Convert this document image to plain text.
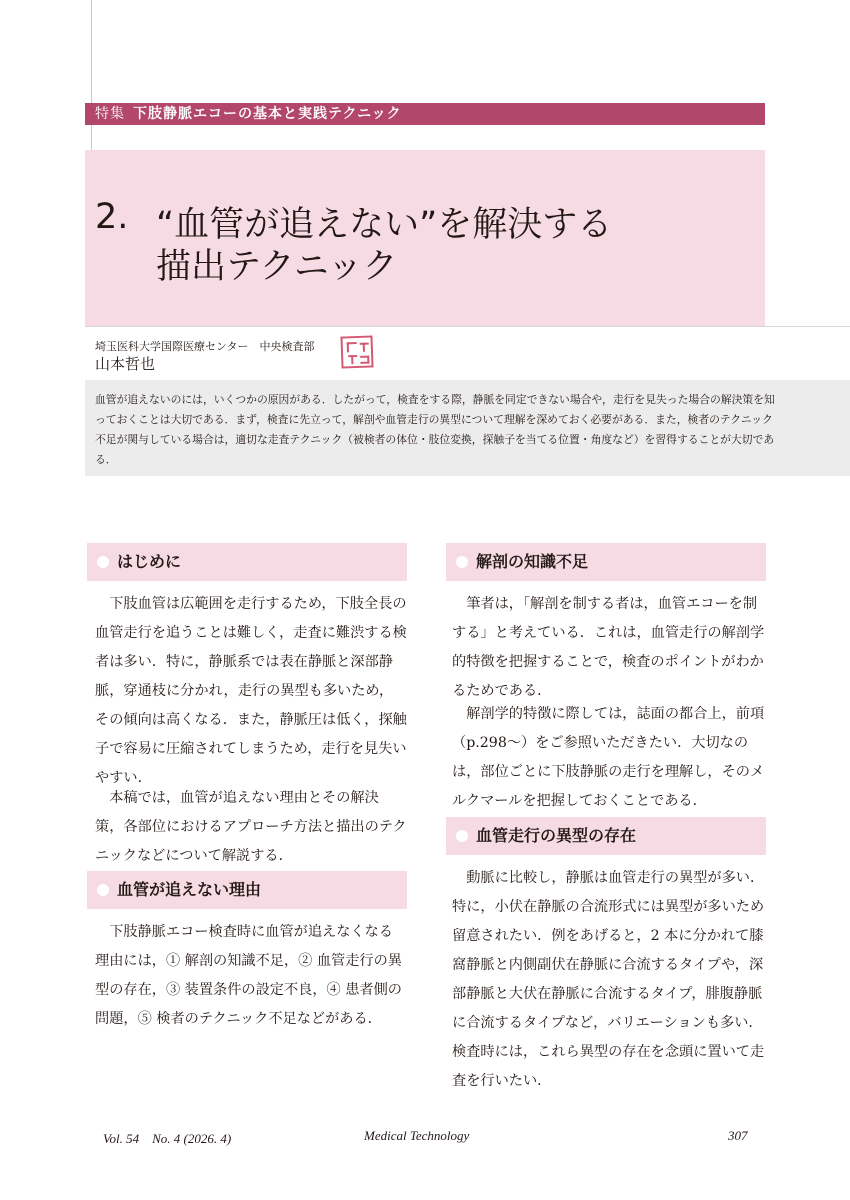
特集 下肢静脈エコーの基本と実践テクニック
2. “血管が追えない”を解決する
描出テクニック
埼玉医科大学国際医療センター　中央検査部
山本哲也

血管が追えないのには，いくつかの原因がある．したがって，検査をする際，静脈を同定できない場合や，走行を見失った場合の解決策を知っておくことは大切である．まず，検査に先立って，解剖や血管走行の異型について理解を深めておく必要がある．また，検者のテクニック不足が関与している場合は，適切な走査テクニック（被検者の体位・肢位変換，探触子を当てる位置・角度など）を習得することが大切である．

はじめに

下肢血管は広範囲を走行するため，下肢全長の血管走行を追うことは難しく，走査に難渋する検者は多い．特に，静脈系では表在静脈と深部静脈，穿通枝に分かれ，走行の異型も多いため，その傾向は高くなる．また，静脈圧は低く，探触子で容易に圧縮されてしまうため，走行を見失いやすい．

本稿では，血管が追えない理由とその解決策，各部位におけるアプローチ方法と描出のテクニックなどについて解説する．

血管が追えない理由

下肢静脈エコー検査時に血管が追えなくなる理由には，① 解剖の知識不足，② 血管走行の異型の存在，③ 装置条件の設定不良，④ 患者側の問題，⑤ 検者のテクニック不足などがある．

解剖の知識不足

筆者は，「解剖を制する者は，血管エコーを制する」と考えている．これは，血管走行の解剖学的特徴を把握することで，検査のポイントがわかるためである．

解剖学的特徴に際しては，誌面の都合上，前項（p.298～）をご参照いただきたい．大切なのは，部位ごとに下肢静脈の走行を理解し，そのメルクマールを把握しておくことである．

血管走行の異型の存在

動脈に比較し，静脈は血管走行の異型が多い．特に，小伏在静脈の合流形式には異型が多いため留意されたい．例をあげると，2 本に分かれて膝窩静脈と内側副伏在静脈に合流するタイプや，深部静脈と大伏在静脈に合流するタイプ，腓腹静脈に合流するタイプなど，バリエーションも多い．検査時には，これら異型の存在を念頭に置いて走査を行いたい．

Vol. 54　No. 4 (2026. 4)	Medical Technology	307
